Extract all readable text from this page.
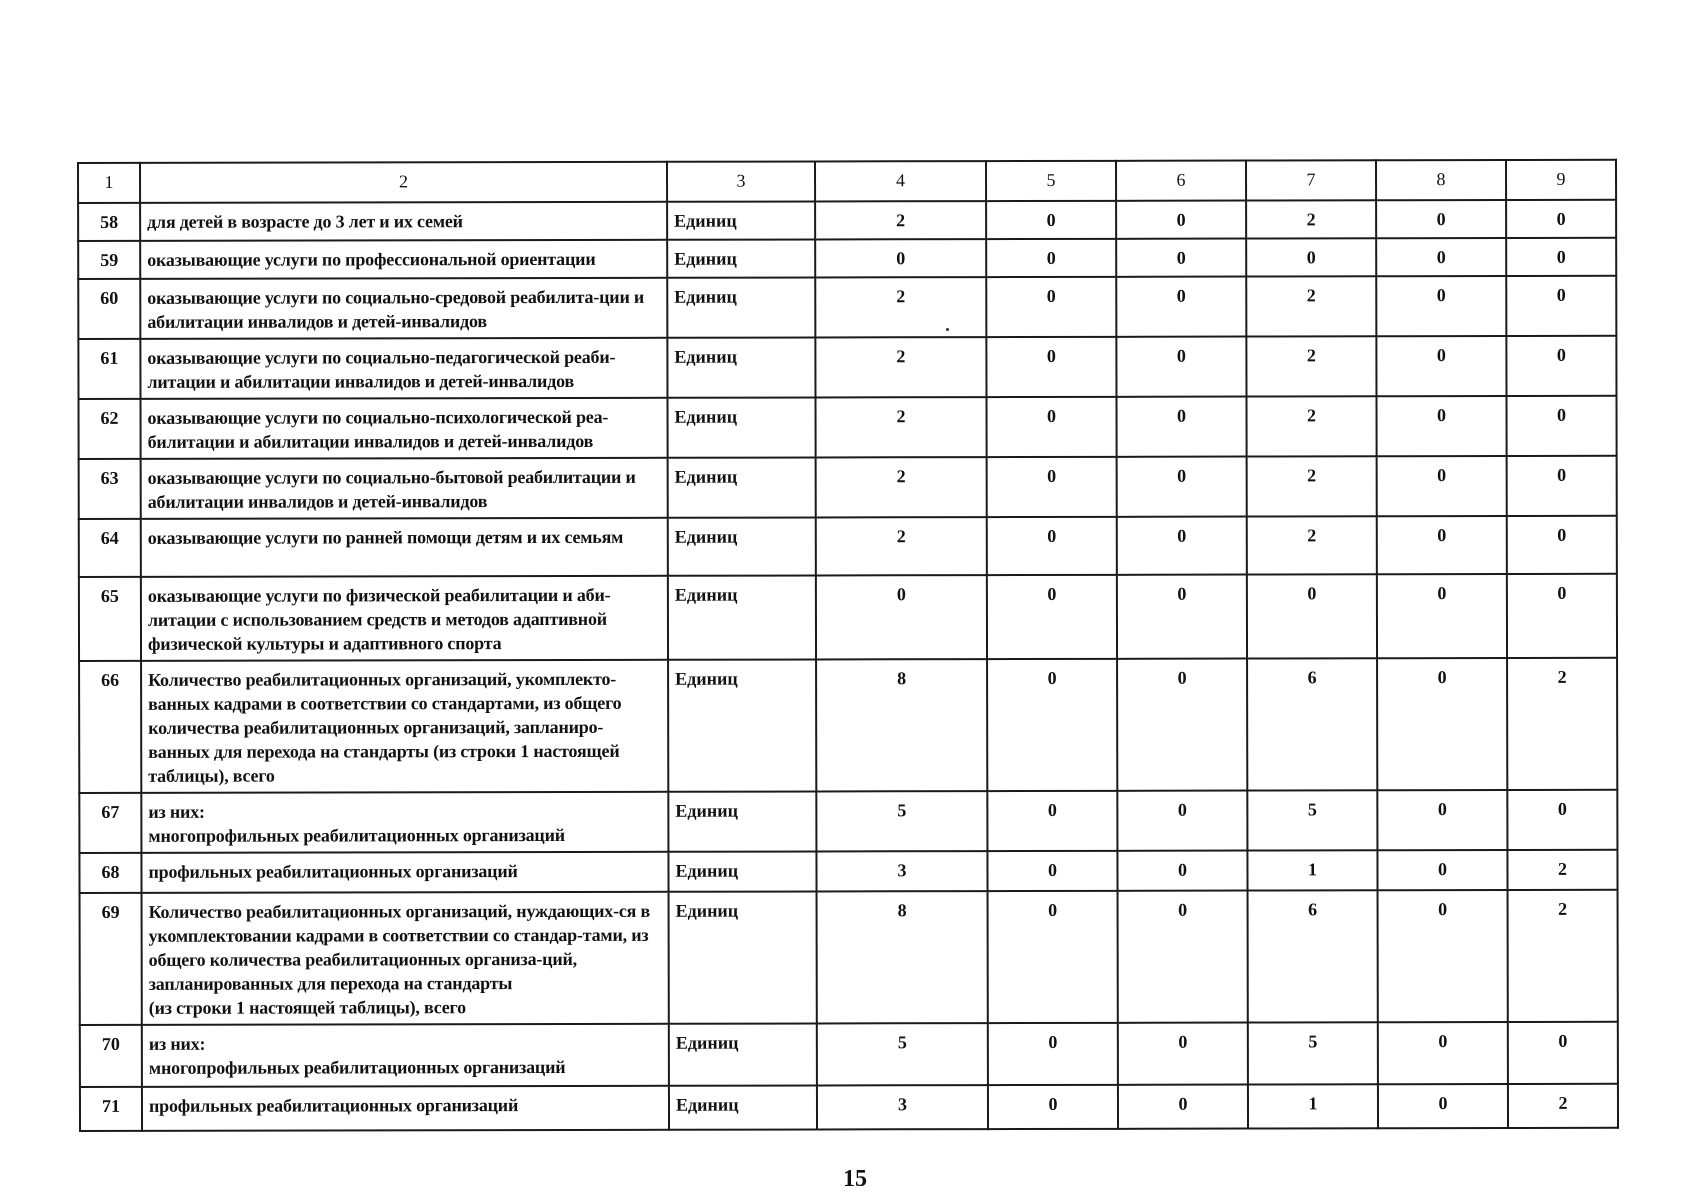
1	2	3	4	5	6	7	8	9
58	для детей в возрасте до 3 лет и их семей	Единиц	2	0	0	2	0	0
59	оказывающие услуги по профессиональной ориентации	Единиц	0	0	0	0	0	0
60	оказывающие услуги по социально-средовой реабилита-ции и абилитации инвалидов и детей-инвалидов	Единиц	2	0	0	2	0	0
61	оказывающие услуги по социально-педагогической реаби-литации и абилитации инвалидов и детей-инвалидов	Единиц	2	0	0	2	0	0
62	оказывающие услуги по социально-психологической реа-билитации и абилитации инвалидов и детей-инвалидов	Единиц	2	0	0	2	0	0
63	оказывающие услуги по социально-бытовой реабилитации и абилитации инвалидов и детей-инвалидов	Единиц	2	0	0	2	0	0
64	оказывающие услуги по ранней помощи детям и их семьям	Единиц	2	0	0	2	0	0
65	оказывающие услуги по физической реабилитации и аби-литации с использованием средств и методов адаптивной физической культуры и адаптивного спорта	Единиц	0	0	0	0	0	0
66	Количество реабилитационных организаций, укомплекто-ванных кадрами в соответствии со стандартами, из общего количества реабилитационных организаций, запланиро-ванных для перехода на стандарты (из строки 1 настоящей таблицы), всего	Единиц	8	0	0	6	0	2
67	из них:
многопрофильных реабилитационных организаций	Единиц	5	0	0	5	0	0
68	профильных реабилитационных организаций	Единиц	3	0	0	1	0	2
69	Количество реабилитационных организаций, нуждающих-ся в укомплектовании кадрами в соответствии со стандар-тами, из общего количества реабилитационных организа-ций, запланированных для перехода на стандарты
(из строки 1 настоящей таблицы), всего	Единиц	8	0	0	6	0	2
70	из них:
многопрофильных реабилитационных организаций	Единиц	5	0	0	5	0	0
71	профильных реабилитационных организаций	Единиц	3	0	0	1	0	2
15
